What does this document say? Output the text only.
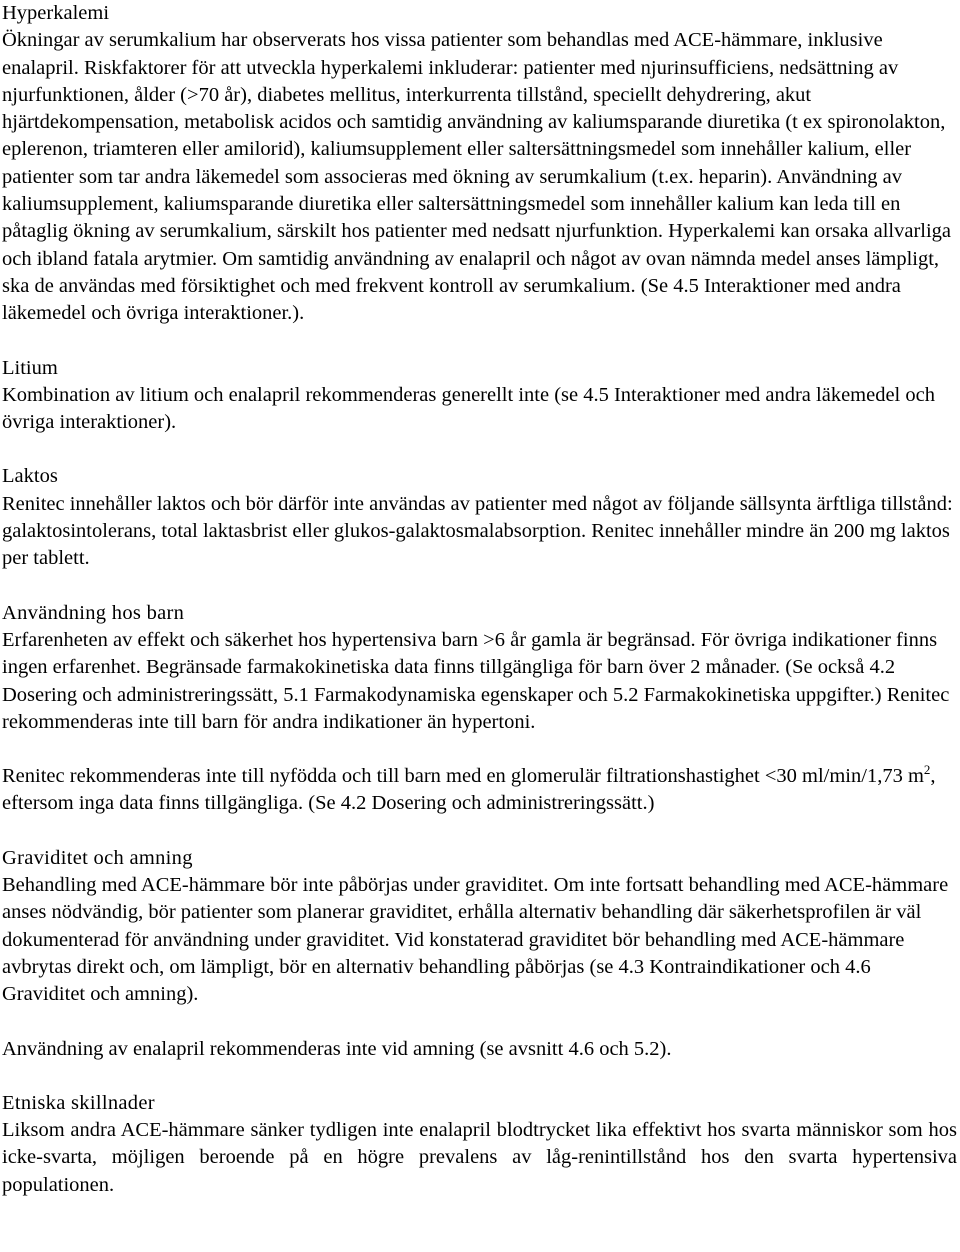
Hyperkalemi

Ökningar av serumkalium har observerats hos vissa patienter som behandlas med ACE-hämmare, inklusive enalapril. Riskfaktorer för att utveckla hyperkalemi inkluderar: patienter med njurinsufficiens, nedsättning av njurfunktionen, ålder (>70 år), diabetes mellitus, interkurrenta tillstånd, speciellt dehydrering, akut hjärtdekompensation, metabolisk acidos och samtidig användning av kaliumsparande diuretika (t ex spironolakton, eplerenon, triamteren eller amilorid), kaliumsupplement eller saltersättningsmedel som innehåller kalium, eller patienter som tar andra läkemedel som associeras med ökning av serumkalium (t.ex. heparin). Användning av kaliumsupplement, kaliumsparande diuretika eller saltersättningsmedel som innehåller kalium kan leda till en påtaglig ökning av serumkalium, särskilt hos patienter med nedsatt njurfunktion. Hyperkalemi kan orsaka allvarliga och ibland fatala arytmier. Om samtidig användning av enalapril och något av ovan nämnda medel anses lämpligt, ska de användas med försiktighet och med frekvent kontroll av serumkalium. (Se 4.5 Interaktioner med andra läkemedel och övriga interaktioner.).

Litium

Kombination av litium och enalapril rekommenderas generellt inte (se 4.5 Interaktioner med andra läkemedel och övriga interaktioner).

Laktos

Renitec innehåller laktos och bör därför inte användas av patienter med något av följande sällsynta ärftliga tillstånd: galaktosintolerans, total laktasbrist eller glukos-galaktosmalabsorption. Renitec innehåller mindre än 200 mg laktos per tablett.

Användning hos barn

Erfarenheten av effekt och säkerhet hos hypertensiva barn >6 år gamla är begränsad. För övriga indikationer finns ingen erfarenhet. Begränsade farmakokinetiska data finns tillgängliga för barn över 2 månader. (Se också 4.2 Dosering och administreringssätt, 5.1 Farmakodynamiska egenskaper och 5.2 Farmakokinetiska uppgifter.) Renitec rekommenderas inte till barn för andra indikationer än hypertoni.

Renitec rekommenderas inte till nyfödda och till barn med en glomerulär filtrationshastighet <30 ml/min/1,73 $m^2$, eftersom inga data finns tillgängliga. (Se 4.2 Dosering och administreringssätt.)

Graviditet och amning

Behandling med ACE-hämmare bör inte påbörjas under graviditet. Om inte fortsatt behandling med ACE-hämmare anses nödvändig, bör patienter som planerar graviditet, erhålla alternativ behandling där säkerhetsprofilen är väl dokumenterad för användning under graviditet. Vid konstaterad graviditet bör behandling med ACE-hämmare avbrytas direkt och, om lämpligt, bör en alternativ behandling påbörjas (se 4.3 Kontraindikationer och 4.6 Graviditet och amning).

Användning av enalapril rekommenderas inte vid amning (se avsnitt 4.6 och 5.2).

Etniska skillnader

Liksom andra ACE-hämmare sänker tydligen inte enalapril blodtrycket lika effektivt hos svarta människor som hos icke-svarta, möjligen beroende på en högre prevalens av låg-renintillstånd hos den svarta hypertensiva populationen.
